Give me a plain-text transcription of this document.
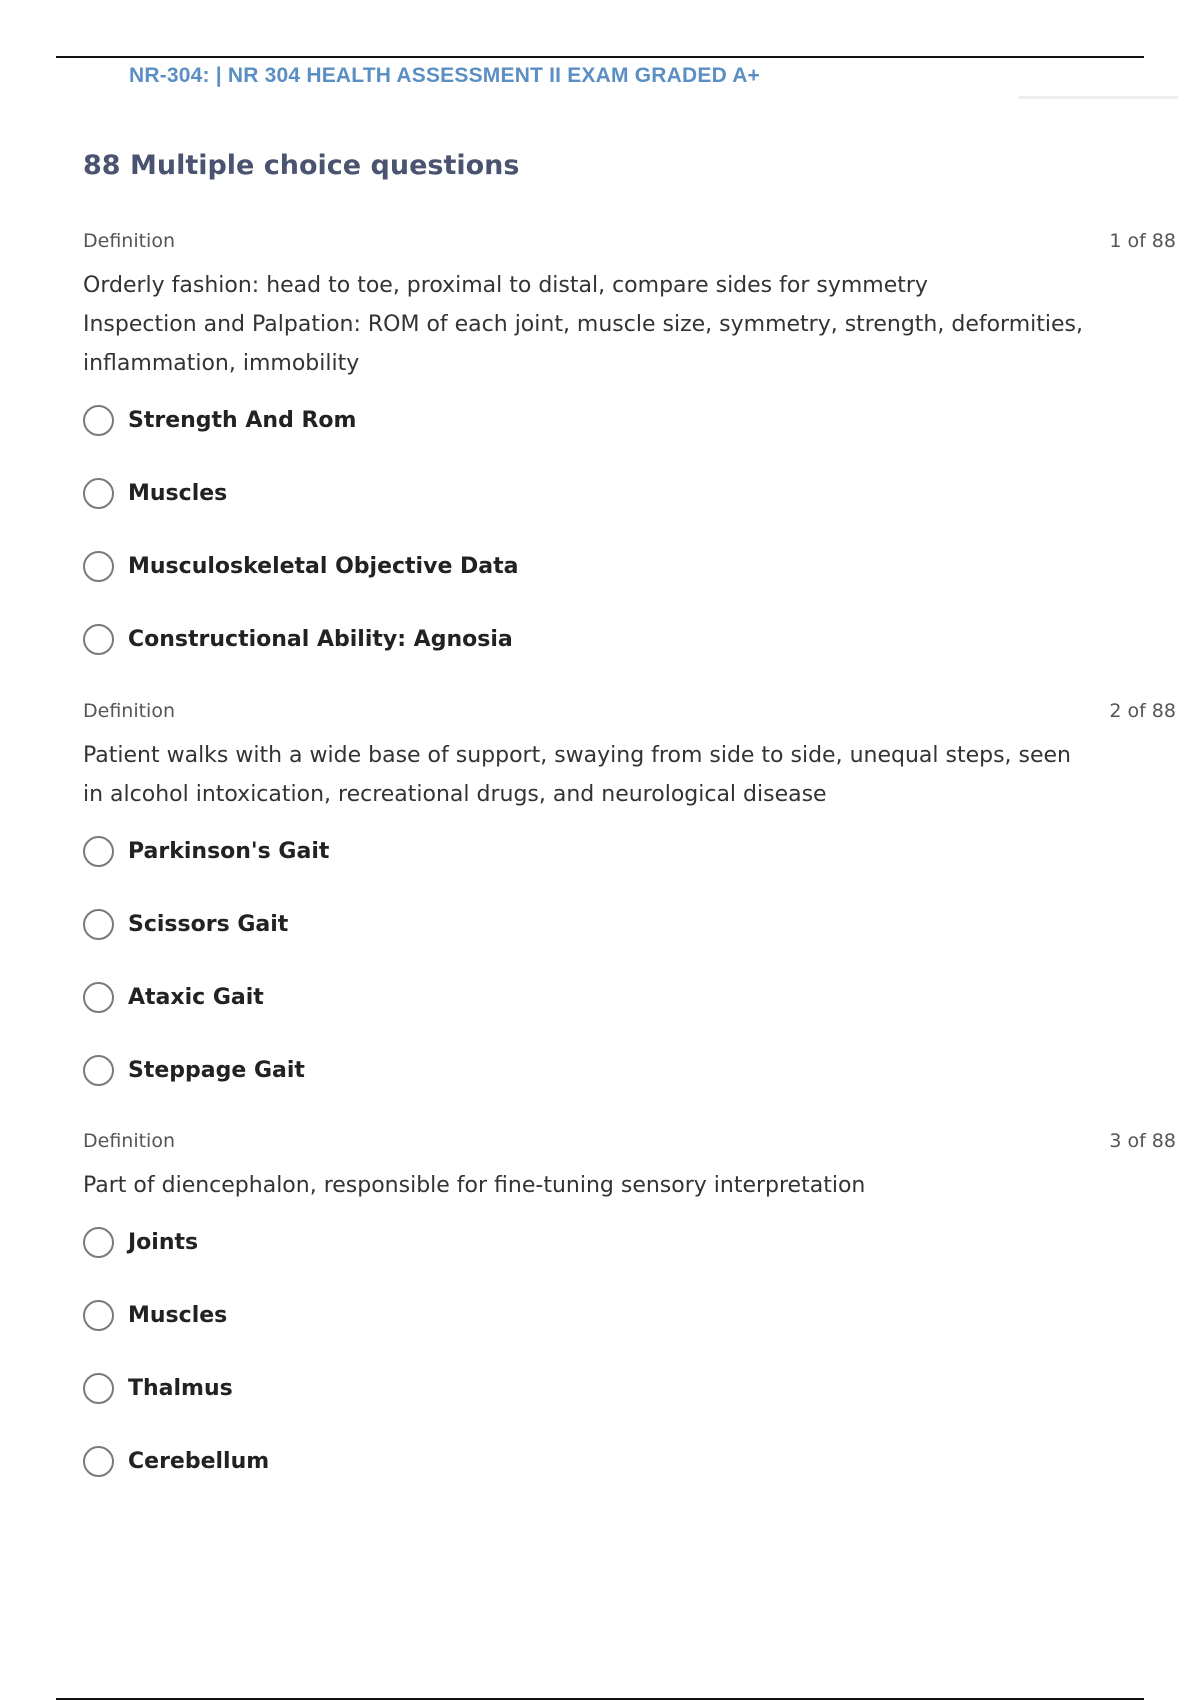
NR-304: | NR 304 HEALTH ASSESSMENT II EXAM GRADED A+
88 Multiple choice questions
Definition	1 of 88
Orderly fashion: head to toe, proximal to distal, compare sides for symmetry
Inspection and Palpation: ROM of each joint, muscle size, symmetry, strength, deformities, inflammation, immobility
Strength And Rom
Muscles
Musculoskeletal Objective Data
Constructional Ability: Agnosia
Definition	2 of 88
Patient walks with a wide base of support, swaying from side to side, unequal steps, seen in alcohol intoxication, recreational drugs, and neurological disease
Parkinson's Gait
Scissors Gait
Ataxic Gait
Steppage Gait
Definition	3 of 88
Part of diencephalon, responsible for fine-tuning sensory interpretation
Joints
Muscles
Thalmus
Cerebellum
